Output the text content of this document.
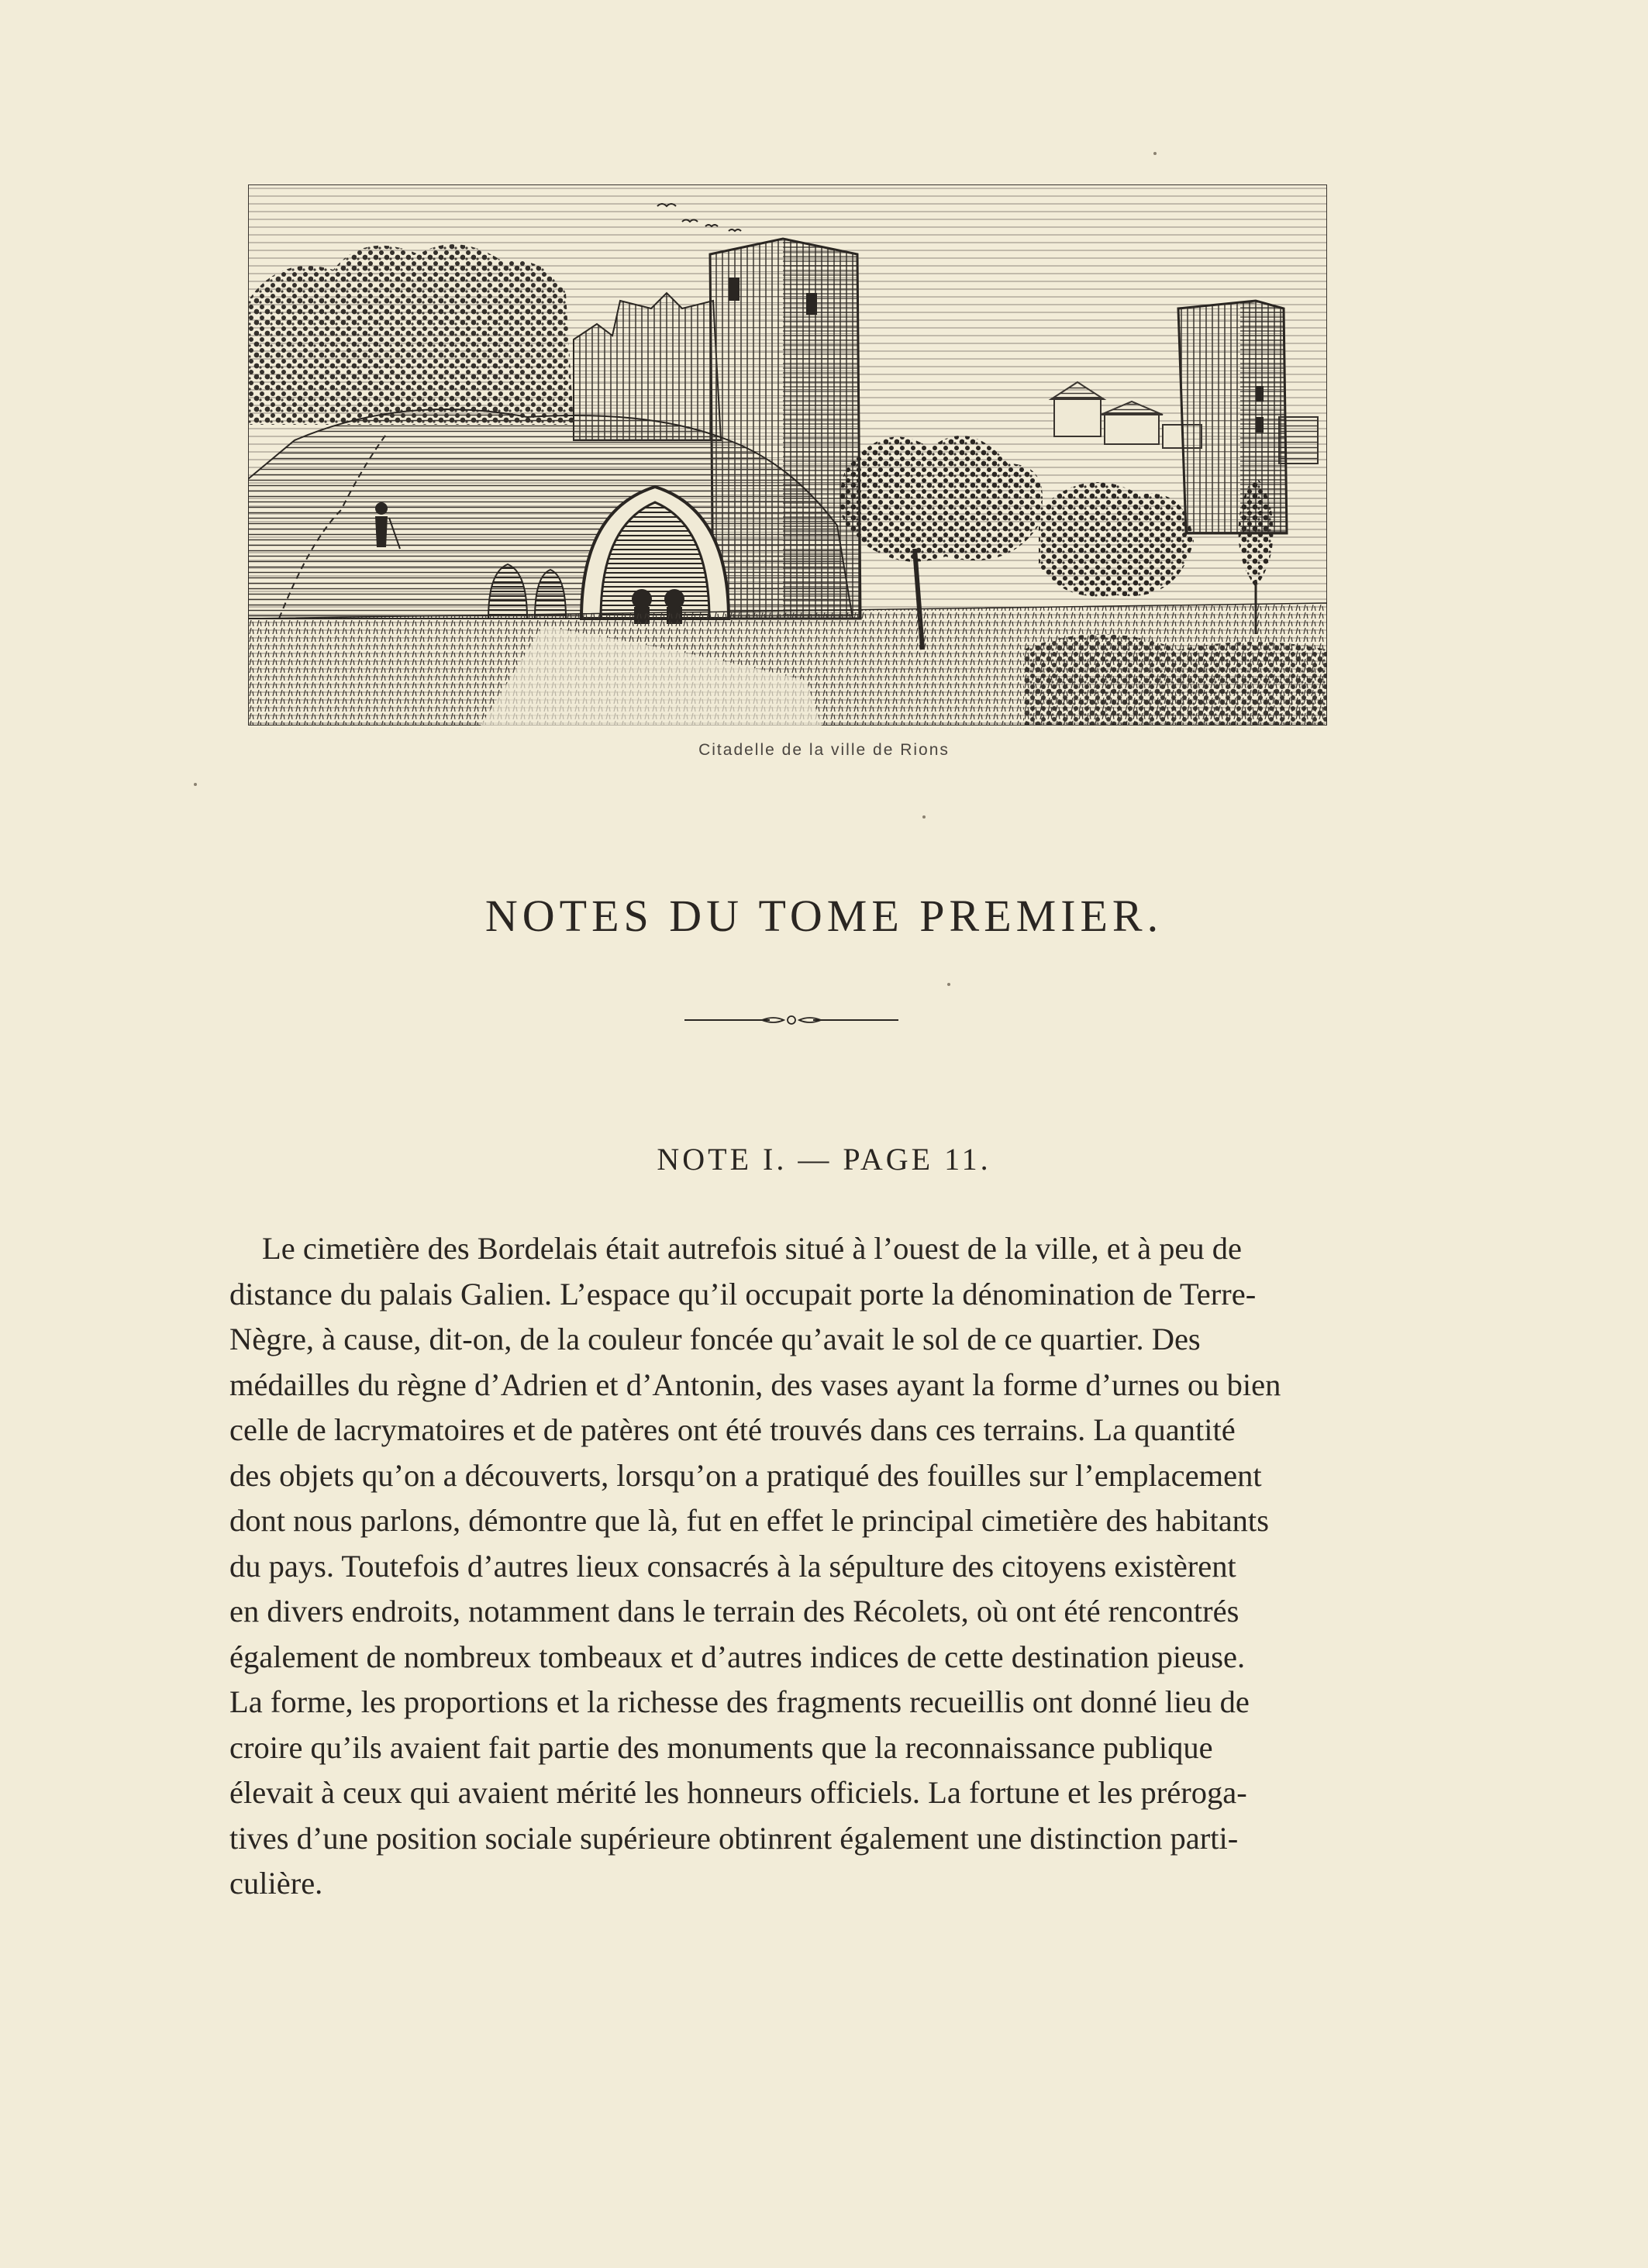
Citadelle de la ville de Rions
NOTES DU TOME PREMIER.
NOTE I. — PAGE 11.
Le cimetière des Bordelais était autrefois situé à l’ouest de la ville, et à peu de
distance du palais Galien. L’espace qu’il occupait porte la dénomination de Terre-
Nègre, à cause, dit-on, de la couleur foncée qu’avait le sol de ce quartier. Des
médailles du règne d’Adrien et d’Antonin, des vases ayant la forme d’urnes ou bien
celle de lacrymatoires et de patères ont été trouvés dans ces terrains. La quantité
des objets qu’on a découverts, lorsqu’on a pratiqué des fouilles sur l’emplacement
dont nous parlons, démontre que là, fut en effet le principal cimetière des habitants
du pays. Toutefois d’autres lieux consacrés à la sépulture des citoyens existèrent
en divers endroits, notamment dans le terrain des Récolets, où ont été rencontrés
également de nombreux tombeaux et d’autres indices de cette destination pieuse.
La forme, les proportions et la richesse des fragments recueillis ont donné lieu de
croire qu’ils avaient fait partie des monuments que la reconnaissance publique
élevait à ceux qui avaient mérité les honneurs officiels. La fortune et les préroga-
tives d’une position sociale supérieure obtinrent également une distinction parti-
culière.
